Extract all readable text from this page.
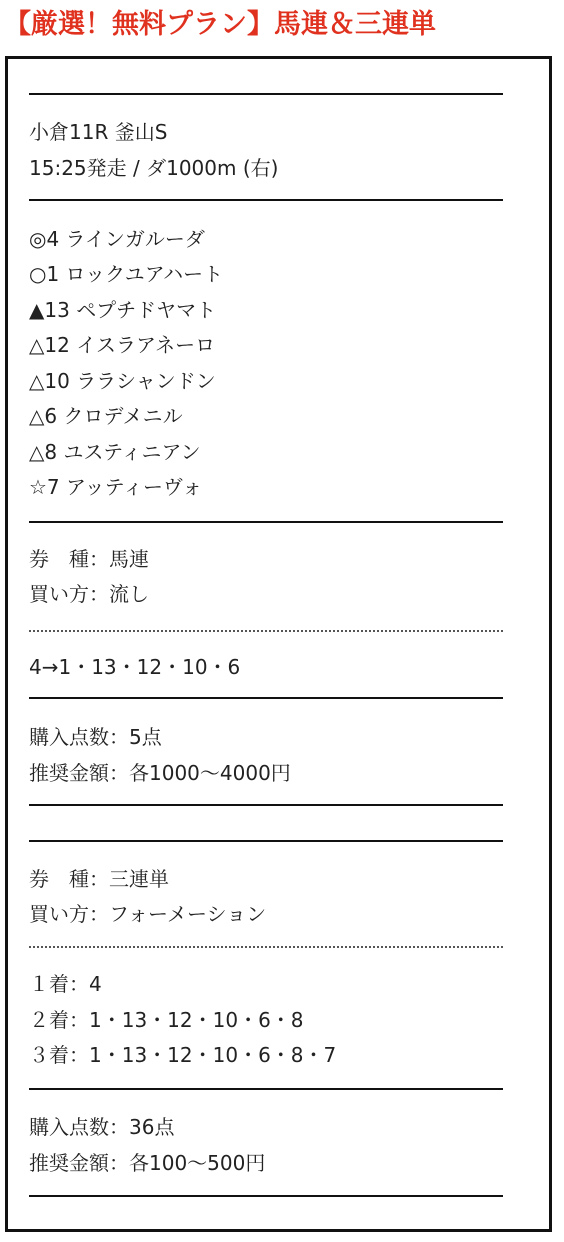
【厳選！無料プラン】馬連＆三連単
小倉11R 釜山S
15:25発走 / ダ1000m (右)
◎4 ラインガルーダ
○1 ロックユアハート
▲13 ペプチドヤマト
△12 イスラアネーロ
△10 ララシャンドン
△6 クロデメニル
△8 ユスティニアン
☆7 アッティーヴォ
券　種：馬連
買い方：流し
4→1・13・12・10・6
購入点数：5点
推奨金額：各1000〜4000円
券　種：三連単
買い方：フォーメーション
１着：4
２着：1・13・12・10・6・8
３着：1・13・12・10・6・8・7
購入点数：36点
推奨金額：各100〜500円
